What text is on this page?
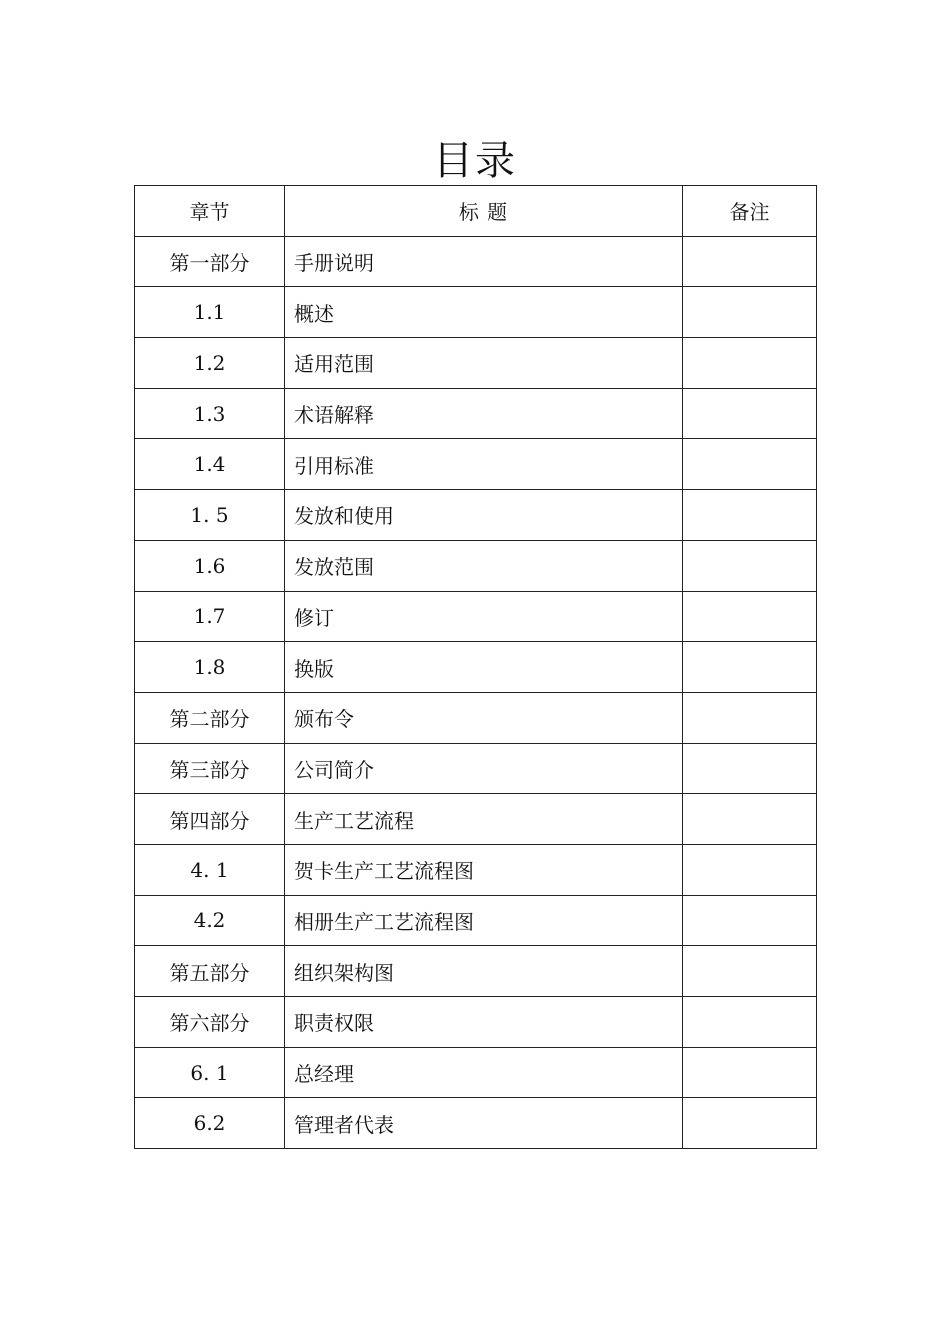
目录
章节	标 题	备注
第一部分	手册说明	
1.1	概述	
1.2	适用范围	
1.3	术语解释	
1.4	引用标准	
1. 5	发放和使用	
1.6	发放范围	
1.7	修订	
1.8	换版	
第二部分	颁布令	
第三部分	公司简介	
第四部分	生产工艺流程	
4. 1	贺卡生产工艺流程图	
4.2	相册生产工艺流程图	
第五部分	组织架构图	
第六部分	职责权限	
6. 1	总经理	
6.2	管理者代表	
